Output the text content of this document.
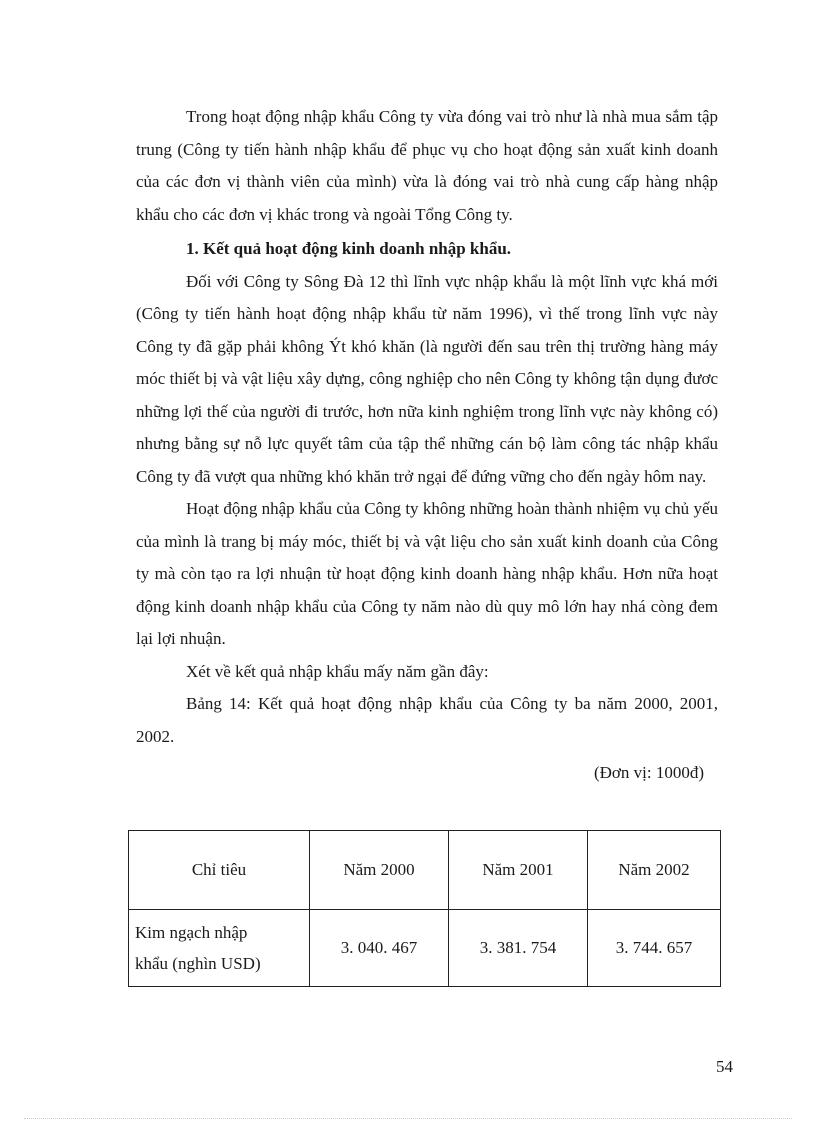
Trong hoạt động nhập khẩu Công ty vừa đóng vai trò như là nhà mua sắm tập trung (Công ty tiến hành nhập khẩu để phục vụ cho hoạt động sản xuất kinh doanh của các đơn vị thành viên của mình) vừa là đóng vai trò nhà cung cấp hàng nhập khẩu cho các đơn vị khác trong và ngoài Tổng Công ty.

1. Kết quả hoạt động kinh doanh nhập khẩu.

Đối với Công ty Sông Đà 12 thì lĩnh vực nhập khẩu là một lĩnh vực khá mới (Công ty tiến hành hoạt động nhập khẩu từ năm 1996), vì thế trong lĩnh vực này Công ty đã gặp phải không Ýt khó khăn (là người đến sau trên thị trường hàng máy móc thiết bị và vật liệu xây dựng, công nghiệp cho nên Công ty không tận dụng đươc những lợi thế của người đi trước, hơn nữa kinh nghiệm trong lĩnh vực này không có) nhưng bằng sự nỗ lực quyết tâm của tập thể những cán bộ làm công tác nhập khẩu Công ty đã vượt qua những khó khăn trở ngại để đứng vững cho đến ngày hôm nay.

Hoạt động nhập khẩu của Công ty không những hoàn thành nhiệm vụ chủ yếu của mình là trang bị máy móc, thiết bị và vật liệu cho sản xuất kinh doanh của Công ty mà còn tạo ra lợi nhuận từ hoạt động kinh doanh hàng nhập khẩu. Hơn nữa hoạt động kinh doanh nhập khẩu của Công ty năm nào dù quy mô lớn hay nhá còng đem lại lợi nhuận.

Xét về kết quả nhập khẩu mấy năm gần đây:

Bảng 14: Kết quả hoạt động nhập khẩu của Công ty ba năm 2000, 2001, 2002.

(Đơn vị: 1000đ)
Chỉ tiêu	Năm 2000	Năm 2001	Năm 2002

Kim ngạch nhập
khẩu (nghìn USD)	3. 040. 467	3. 381. 754	3. 744. 657
54
